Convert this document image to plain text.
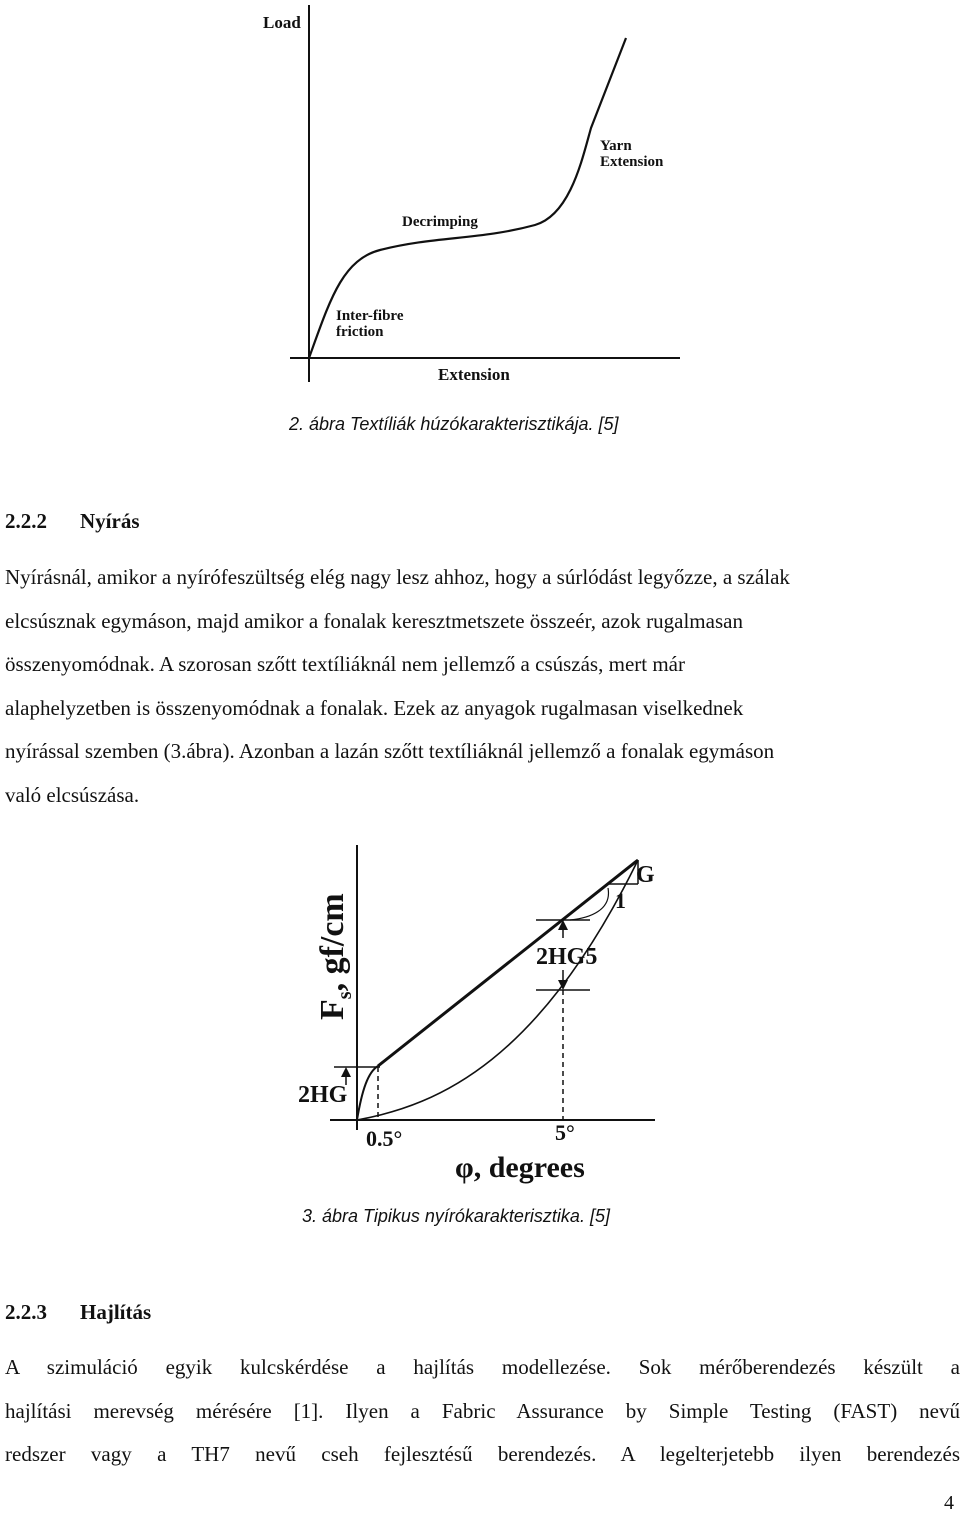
Load
Yarn
Extension
Decrimping
Inter-fibre
friction
Extension
2. ábra Textíliák húzókarakterisztikája. [5]
2.2.2 Nyírás
Nyírásnál, amikor a nyírófeszültség elég nagy lesz ahhoz, hogy a súrlódást legyőzze, a szálak
elcsúsznak egymáson, majd amikor a fonalak keresztmetszete összeér, azok rugalmasan
összenyomódnak. A szorosan szőtt textíliáknál nem jellemző a csúszás, mert már
alaphelyzetben is összenyomódnak a fonalak. Ezek az anyagok rugalmasan viselkednek
nyírással szemben (3.ábra). Azonban a lazán szőtt textíliáknál jellemző a fonalak egymáson
való elcsúszása.
$F_s$, gf/cm
G
1
2HG5
2HG
0.5°	5°
φ, degrees
3. ábra Tipikus nyírókarakterisztika. [5]
2.2.3 Hajlítás
A szimuláció egyik kulcskérdése a hajlítás modellezése. Sok mérőberendezés készült a
hajlítási merevség mérésére [1]. Ilyen a Fabric Assurance by Simple Testing (FAST) nevű
redszer vagy a TH7 nevű cseh fejlesztésű berendezés. A legelterjetebb ilyen berendezés
4
